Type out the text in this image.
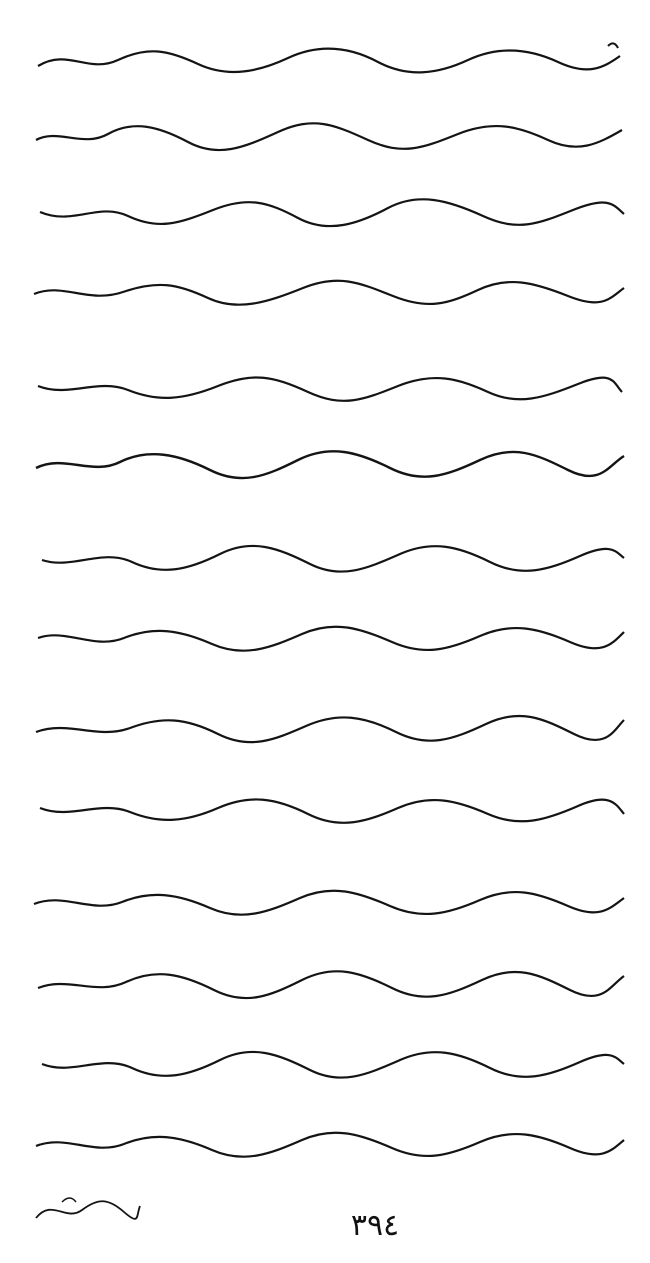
٣٩٤
